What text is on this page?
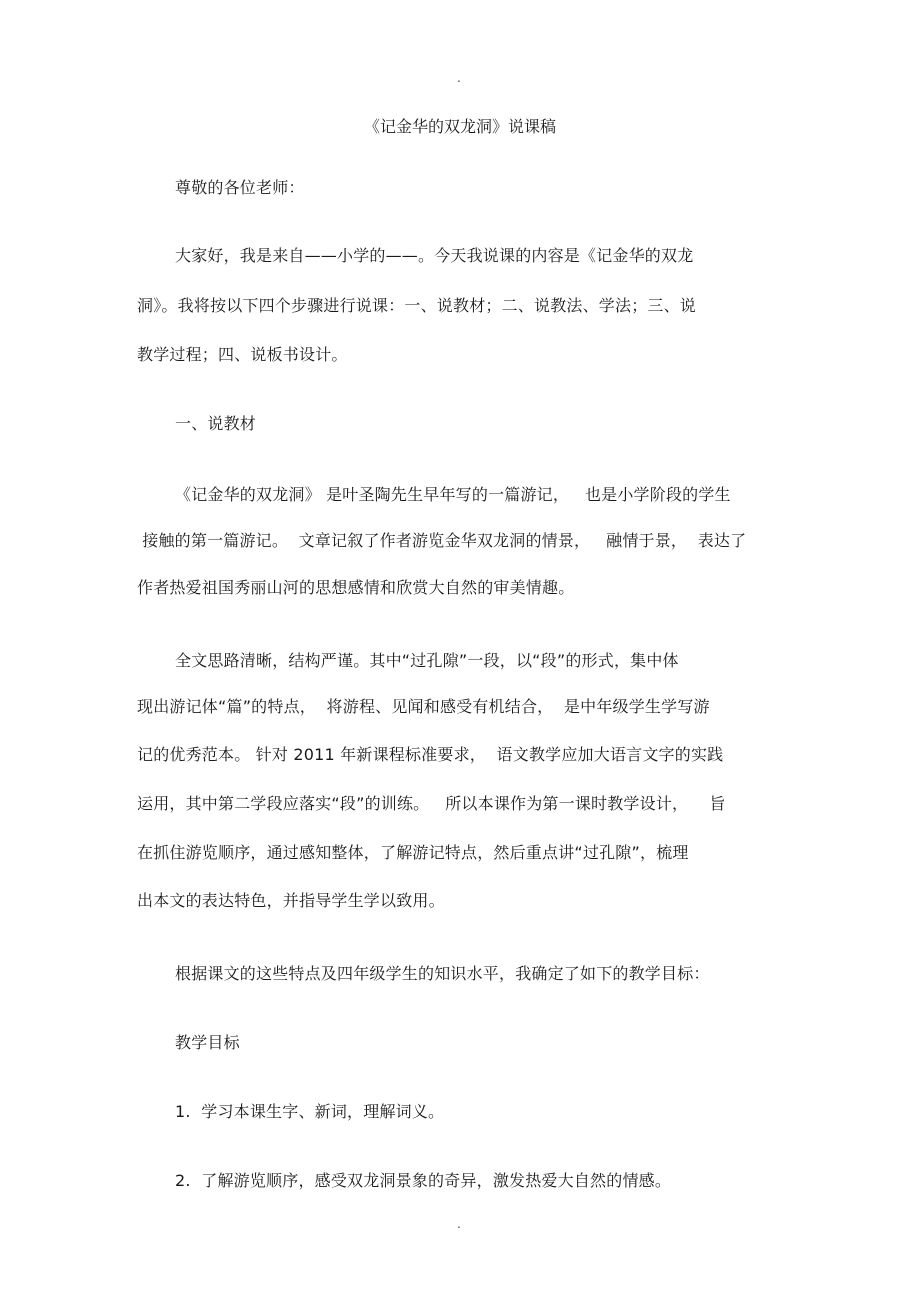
.
《记金华的双龙洞》说课稿
尊敬的各位老师：
大家好，我是来自——小学的——。今天我说课的内容是《记金华的双龙
洞》。我将按以下四个步骤进行说课：一、说教材；二、说教法、学法；三、说
教学过程；四、说板书设计。
一、说教材
《记金华的双龙洞》 是叶圣陶先生早年写的一篇游记，   也是小学阶段的学生
接触的第一篇游记。  文章记叙了作者游览金华双龙洞的情景，   融情于景，  表达了
作者热爱祖国秀丽山河的思想感情和欣赏大自然的审美情趣。
全文思路清晰，结构严谨。其中“过孔隙”一段，以“段”的形式，集中体
现出游记体“篇”的特点，  将游程、见闻和感受有机结合，  是中年级学生学写游
记的优秀范本。 针对 2011 年新课程标准要求，  语文教学应加大语言文字的实践
运用，其中第二学段应落实“段”的训练。   所以本课作为第一课时教学设计，    旨
在抓住游览顺序，通过感知整体，了解游记特点，然后重点讲“过孔隙”，梳理
出本文的表达特色，并指导学生学以致用。
根据课文的这些特点及四年级学生的知识水平，我确定了如下的教学目标：
教学目标
1.  学习本课生字、新词，理解词义。
2.  了解游览顺序，感受双龙洞景象的奇异，激发热爱大自然的情感。
.
